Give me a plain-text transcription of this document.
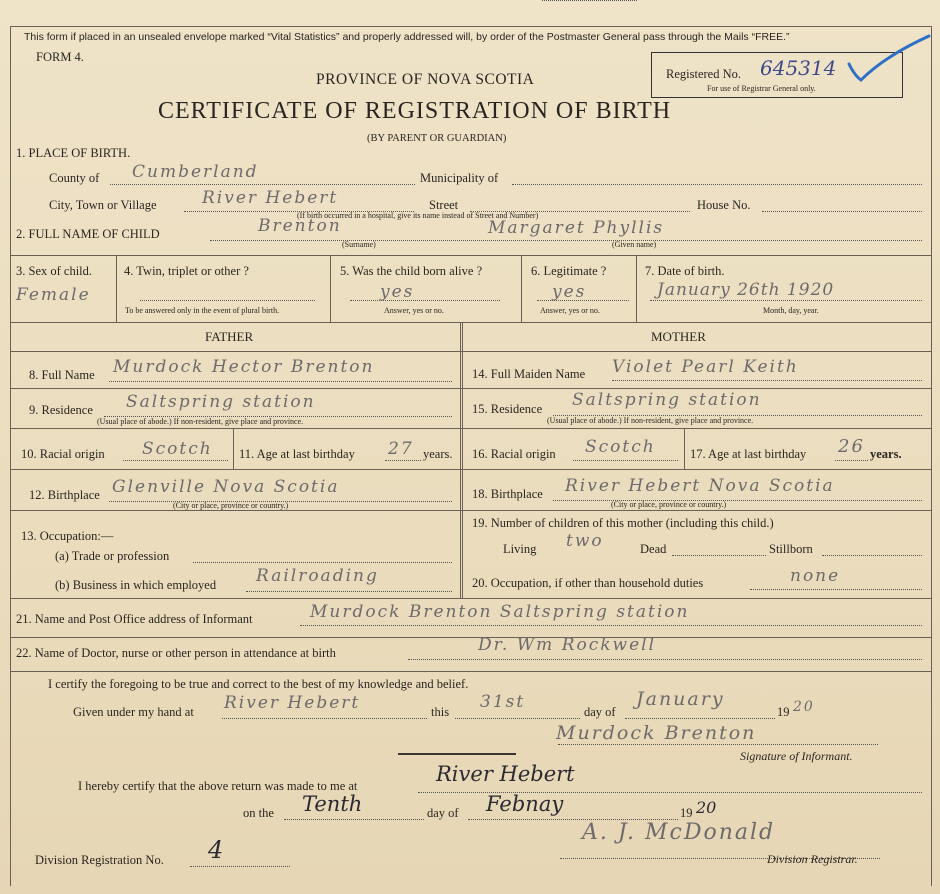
This form if placed in an unsealed envelope marked “Vital Statistics” and properly addressed will, by order of the Postmaster General pass through the Mails “FREE.”
FORM 4.
PROVINCE OF NOVA SCOTIA
CERTIFICATE OF REGISTRATION OF BIRTH
(BY PARENT OR GUARDIAN)
Registered No. 645314
For use of Registrar General only.
1. PLACE OF BIRTH.
County of Cumberland	Municipality of
City, Town or Village	River Hebert	Street	House No.
(If birth occurred in a hospital, give its name instead of Street and Number)
2. FULL NAME OF CHILD	Brenton	Margaret Phyllis
(Surname)	(Given name)
3. Sex of child.
Female
4. Twin, triplet or other ?
To be answered only in the event of plural birth.
5. Was the child born alive ?
yes
Answer, yes or no.
6. Legitimate ?
yes
Answer, yes or no.
7. Date of birth.
January 26th 1920
Month, day, year.
FATHER	MOTHER
8. Full Name Murdock Hector Brenton
9. Residence Saltspring station
(Usual place of abode.) If non-resident, give place and province.
10. Racial origin Scotch 11. Age at last birthday 27 years.
12. Birthplace Glenville Nova Scotia
(City or place, province or country.)
13. Occupation:—
(a) Trade or profession
(b) Business in which employed Railroading
14. Full Maiden Name Violet Pearl Keith
15. Residence Saltspring station
(Usual place of abode.) If non-resident, give place and province.
16. Racial origin Scotch	17. Age at last birthday 26 years.
18. Birthplace River Hebert Nova Scotia
(City or place, province or country.)
19. Number of children of this mother (including this child.)
Living two	Dead	Stillborn
20. Occupation, if other than household duties	none
21. Name and Post Office address of Informant	Murdock Brenton Saltspring station
22. Name of Doctor, nurse or other person in attendance at birth	Dr. Wm Rockwell
I certify the foregoing to be true and correct to the best of my knowledge and belief.
Given under my hand at River Hebert	this 31st	day of
January
19 20
Murdock Brenton
Signature of Informant.
I hereby certify that the above return was made to me at	River Hebert
on the Tenth	day of Febnay	19 20
Division Registration No. 4
A. J. McDonald
Division Registrar.
